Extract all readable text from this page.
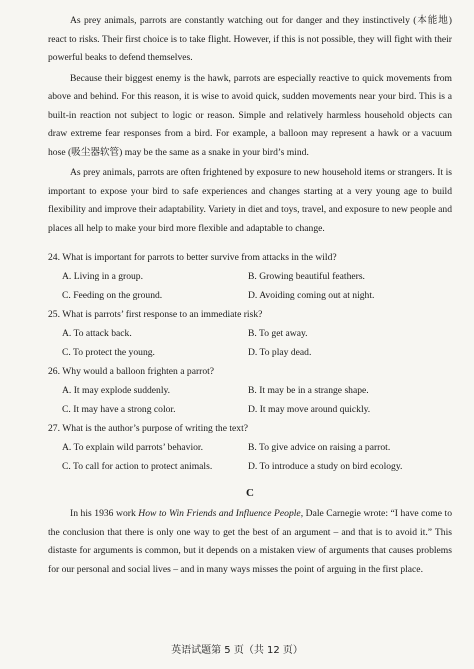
As prey animals, parrots are constantly watching out for danger and they instinctively (本能地) react to risks. Their first choice is to take flight. However, if this is not possible, they will fight with their powerful beaks to defend themselves.

Because their biggest enemy is the hawk, parrots are especially reactive to quick movements from above and behind. For this reason, it is wise to avoid quick, sudden movements near your bird. This is a built-in reaction not subject to logic or reason. Simple and relatively harmless household objects can draw extreme fear responses from a bird. For example, a balloon may represent a hawk or a vacuum hose (吸尘器软管) may be the same as a snake in your bird’s mind.

As prey animals, parrots are often frightened by exposure to new household items or strangers. It is important to expose your bird to safe experiences and changes starting at a very young age to build flexibility and improve their adaptability. Variety in diet and toys, travel, and exposure to new people and places all help to make your bird more flexible and adaptable to change.

24. What is important for parrots to better survive from attacks in the wild?

A. Living in a group.	B. Growing beautiful feathers.
C. Feeding on the ground.	D. Avoiding coming out at night.

25. What is parrots’ first response to an immediate risk?

A. To attack back.	B. To get away.
C. To protect the young.	D. To play dead.

26. Why would a balloon frighten a parrot?

A. It may explode suddenly.	B. It may be in a strange shape.
C. It may have a strong color.	D. It may move around quickly.

27. What is the author’s purpose of writing the text?

A. To explain wild parrots’ behavior.	B. To give advice on raising a parrot.
C. To call for action to protect animals.	D. To introduce a study on bird ecology.
C

In his 1936 work How to Win Friends and Influence People, Dale Carnegie wrote: “I have come to the conclusion that there is only one way to get the best of an argument – and that is to avoid it.” This distaste for arguments is common, but it depends on a mistaken view of arguments that causes problems for our personal and social lives – and in many ways misses the point of arguing in the first place.

英语试题第 5 页（共 12 页）
